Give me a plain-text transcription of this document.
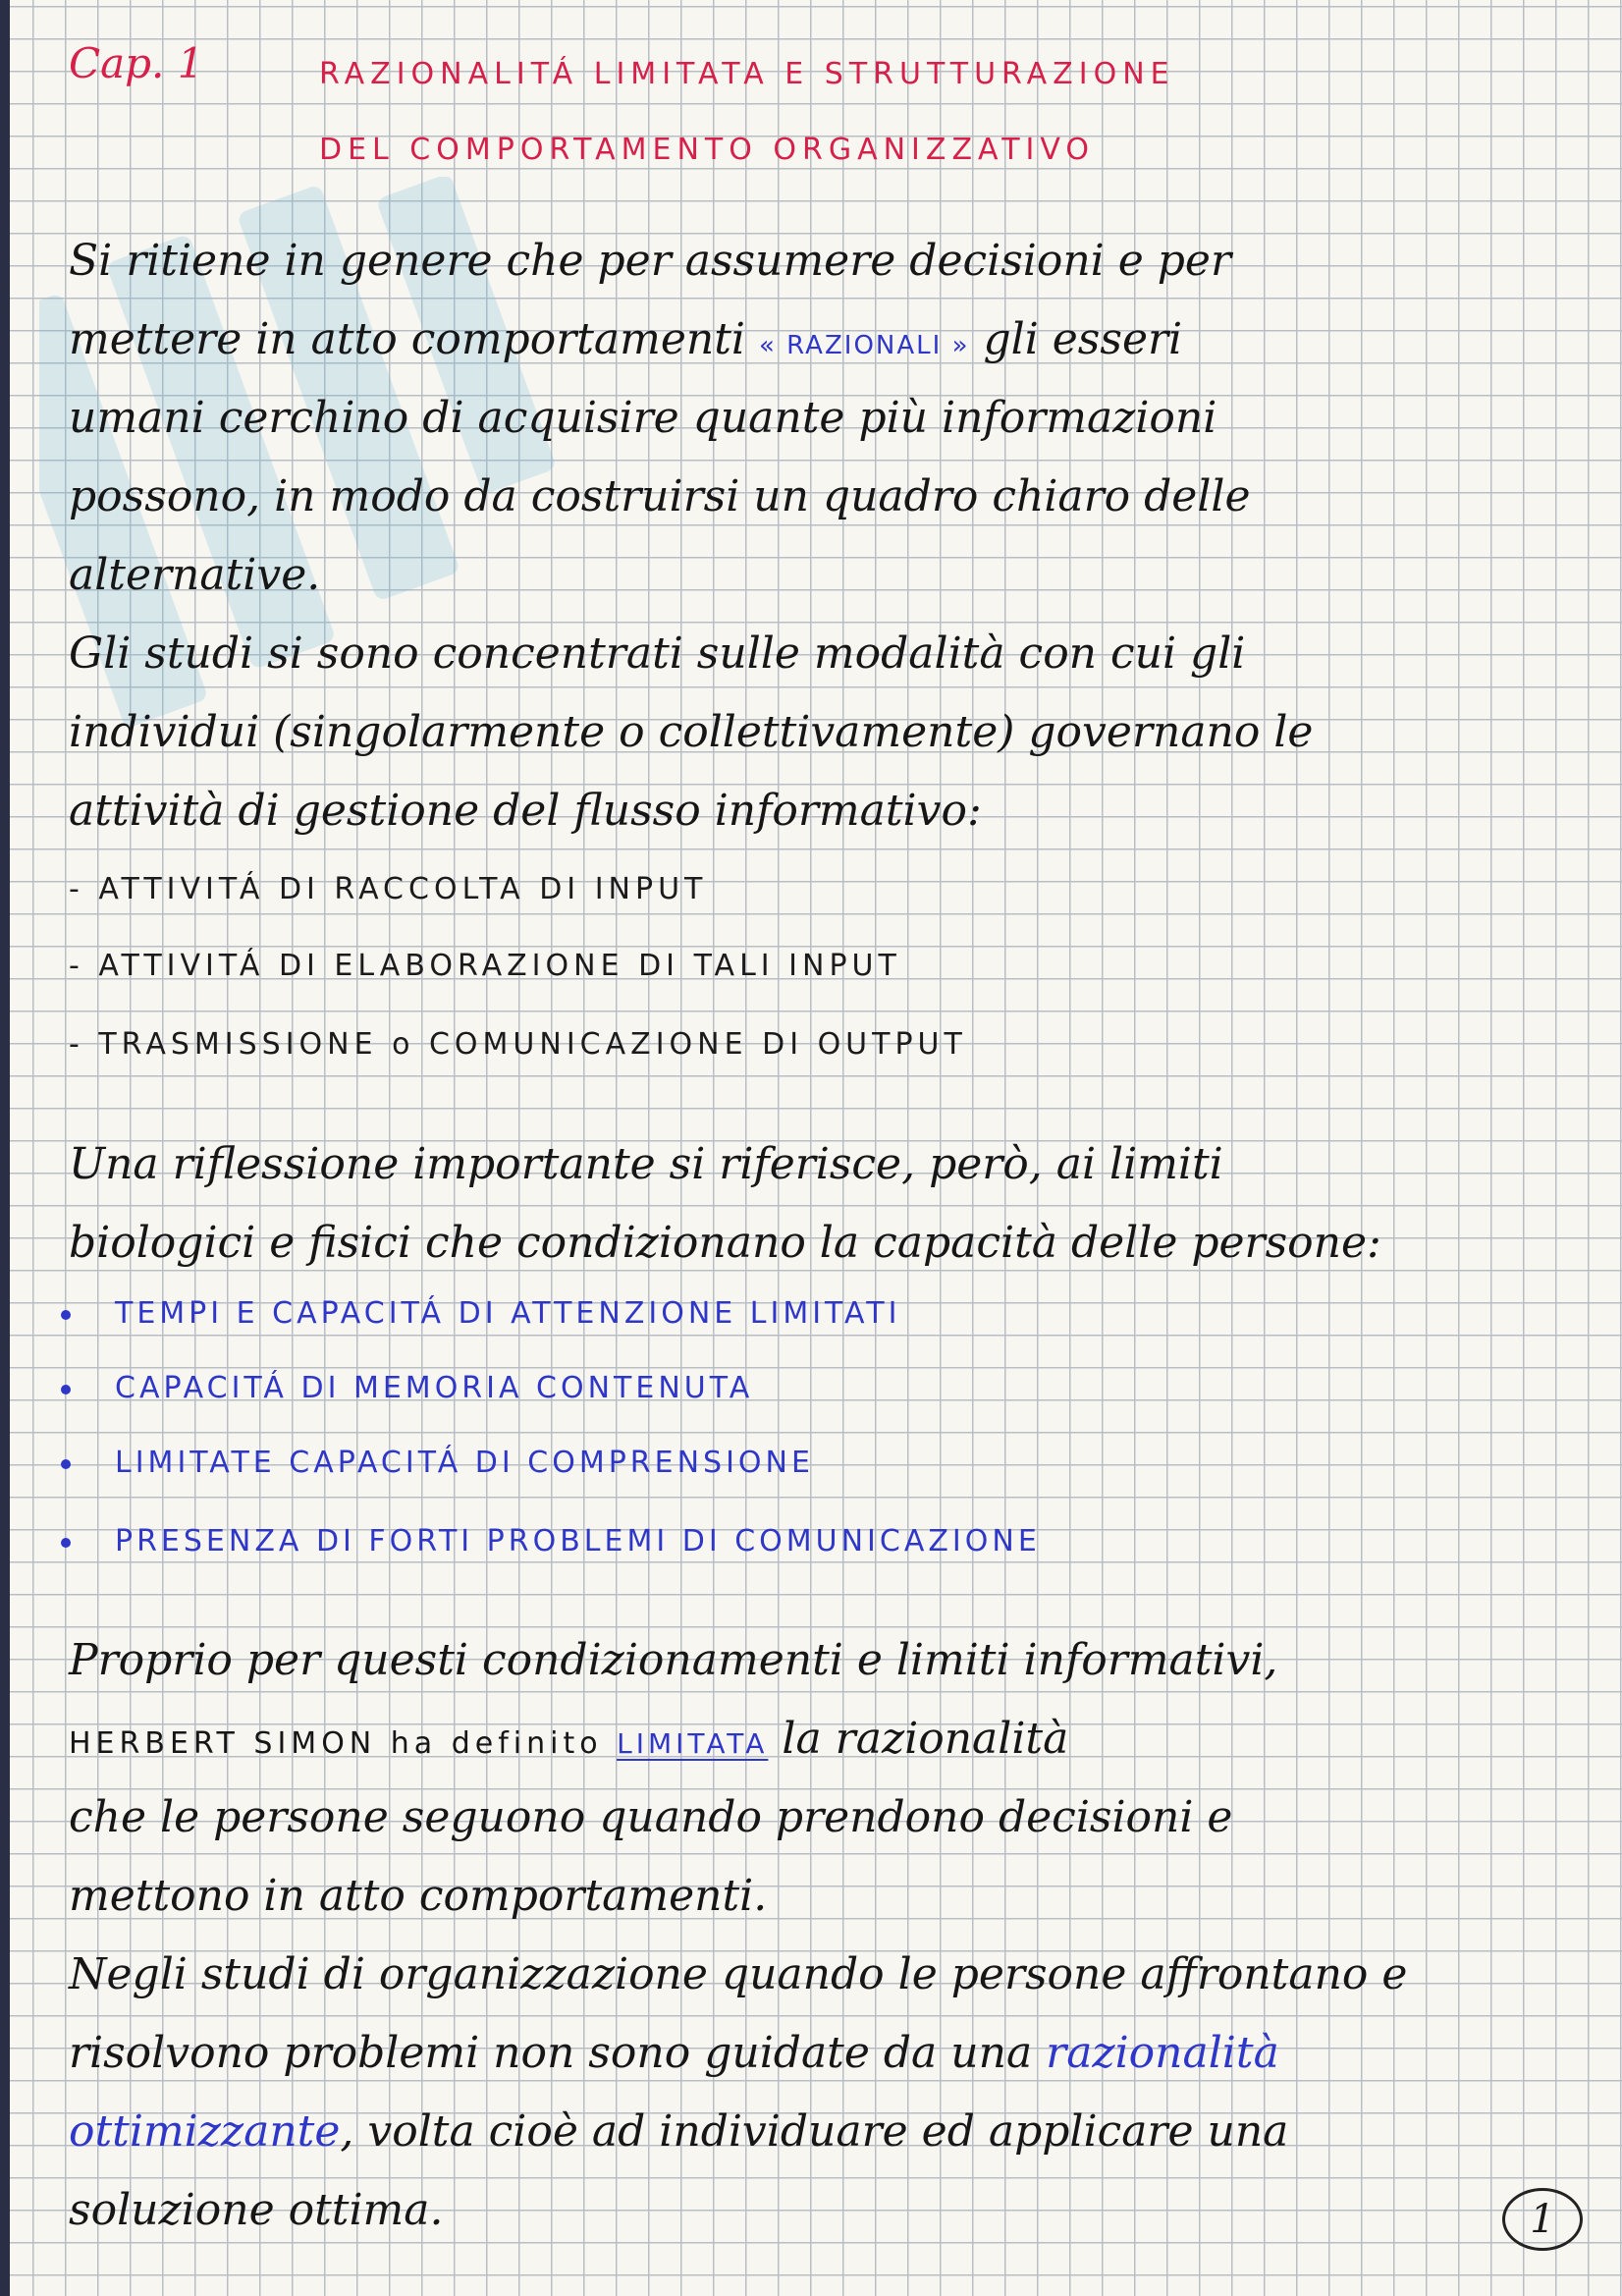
Cap. 1	RAZIONALITÁ LIMITATA E STRUTTURAZIONE
DEL COMPORTAMENTO ORGANIZZATIVO
Si ritiene in genere che per assumere decisioni e per
mettere in atto comportamenti « RAZIONALI » gli esseri
umani cerchino di acquisire quante più informazioni
possono, in modo da costruirsi un quadro chiaro delle
alternative.
Gli studi si sono concentrati sulle modalità con cui gli
individui (singolarmente o collettivamente) governano le
attività di gestione del flusso informativo:
- ATTIVITÁ DI RACCOLTA DI INPUT
- ATTIVITÁ DI ELABORAZIONE DI TALI INPUT
- TRASMISSIONE o COMUNICAZIONE DI OUTPUT
Una riflessione importante si riferisce, però, ai limiti
biologici e fisici che condizionano la capacità delle persone:
TEMPI E CAPACITÁ DI ATTENZIONE LIMITATI
CAPACITÁ DI MEMORIA CONTENUTA
LIMITATE CAPACITÁ DI COMPRENSIONE
PRESENZA DI FORTI PROBLEMI DI COMUNICAZIONE
Proprio per questi condizionamenti e limiti informativi,
HERBERT SIMON ha definito LIMITATA la razionalità
che le persone seguono quando prendono decisioni e
mettono in atto comportamenti.
Negli studi di organizzazione quando le persone affrontano e
risolvono problemi non sono guidate da una razionalità
ottimizzante, volta cioè ad individuare ed applicare una
soluzione ottima.	1
